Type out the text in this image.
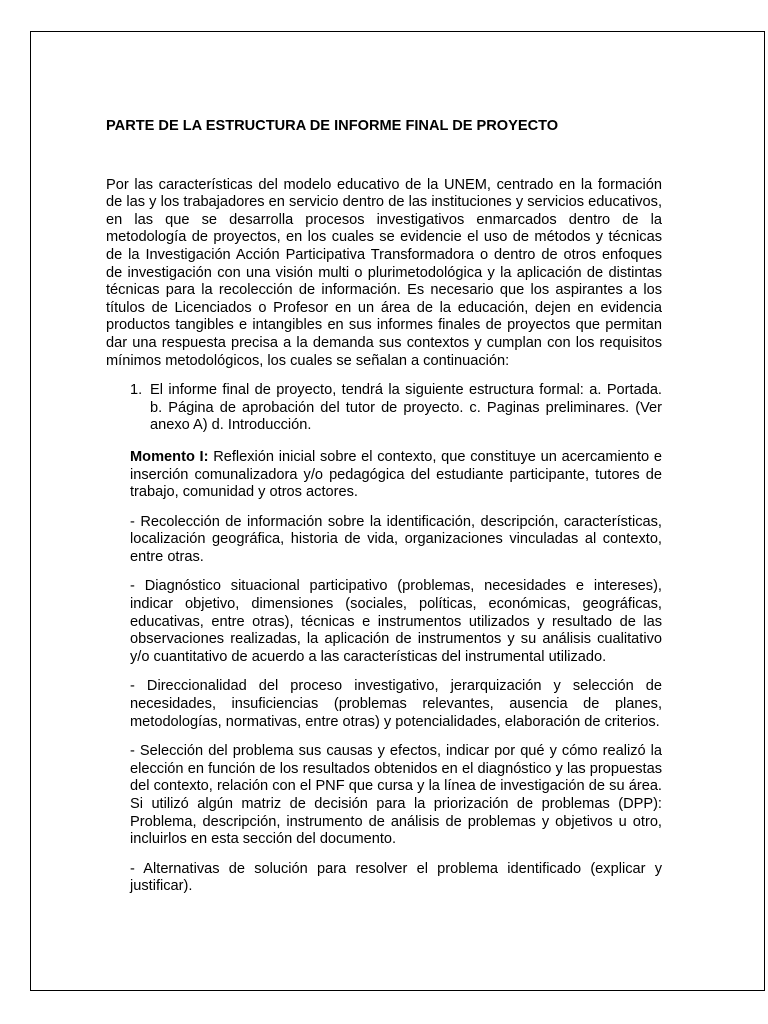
PARTE DE LA ESTRUCTURA DE INFORME FINAL DE PROYECTO

Por las características del modelo educativo de la UNEM, centrado en la formación de las y los trabajadores en servicio dentro de las instituciones y servicios educativos, en las que se desarrolla procesos investigativos enmarcados dentro de la metodología de proyectos, en los cuales se evidencie el uso de métodos y técnicas de la Investigación Acción Participativa Transformadora o dentro de otros enfoques de investigación con una visión multi o plurimetodológica y la aplicación de distintas técnicas para la recolección de información. Es necesario que los aspirantes a los títulos de Licenciados o Profesor en un área de la educación, dejen en evidencia productos tangibles e intangibles en sus informes finales de proyectos que permitan dar una respuesta precisa a la demanda sus contextos y cumplan con los requisitos mínimos metodológicos, los cuales se señalan a continuación:

1. El informe final de proyecto, tendrá la siguiente estructura formal: a. Portada. b. Página de aprobación del tutor de proyecto. c. Paginas preliminares. (Ver anexo A) d. Introducción.

Momento I: Reflexión inicial sobre el contexto, que constituye un acercamiento e inserción comunalizadora y/o pedagógica del estudiante participante, tutores de trabajo, comunidad y otros actores.

- Recolección de información sobre la identificación, descripción, características, localización geográfica, historia de vida, organizaciones vinculadas al contexto, entre otras.

- Diagnóstico situacional participativo (problemas, necesidades e intereses), indicar objetivo, dimensiones (sociales, políticas, económicas, geográficas, educativas, entre otras), técnicas e instrumentos utilizados y resultado de las observaciones realizadas, la aplicación de instrumentos y su análisis cualitativo y/o cuantitativo de acuerdo a las características del instrumental utilizado.

- Direccionalidad del proceso investigativo, jerarquización y selección de necesidades, insuficiencias (problemas relevantes, ausencia de planes, metodologías, normativas, entre otras) y potencialidades, elaboración de criterios.

- Selección del problema sus causas y efectos, indicar por qué y cómo realizó la elección en función de los resultados obtenidos en el diagnóstico y las propuestas del contexto, relación con el PNF que cursa y la línea de investigación de su área. Si utilizó algún matriz de decisión para la priorización de problemas (DPP): Problema, descripción, instrumento de análisis de problemas y objetivos u otro, incluirlos en esta sección del documento.

- Alternativas de solución para resolver el problema identificado (explicar y justificar).
